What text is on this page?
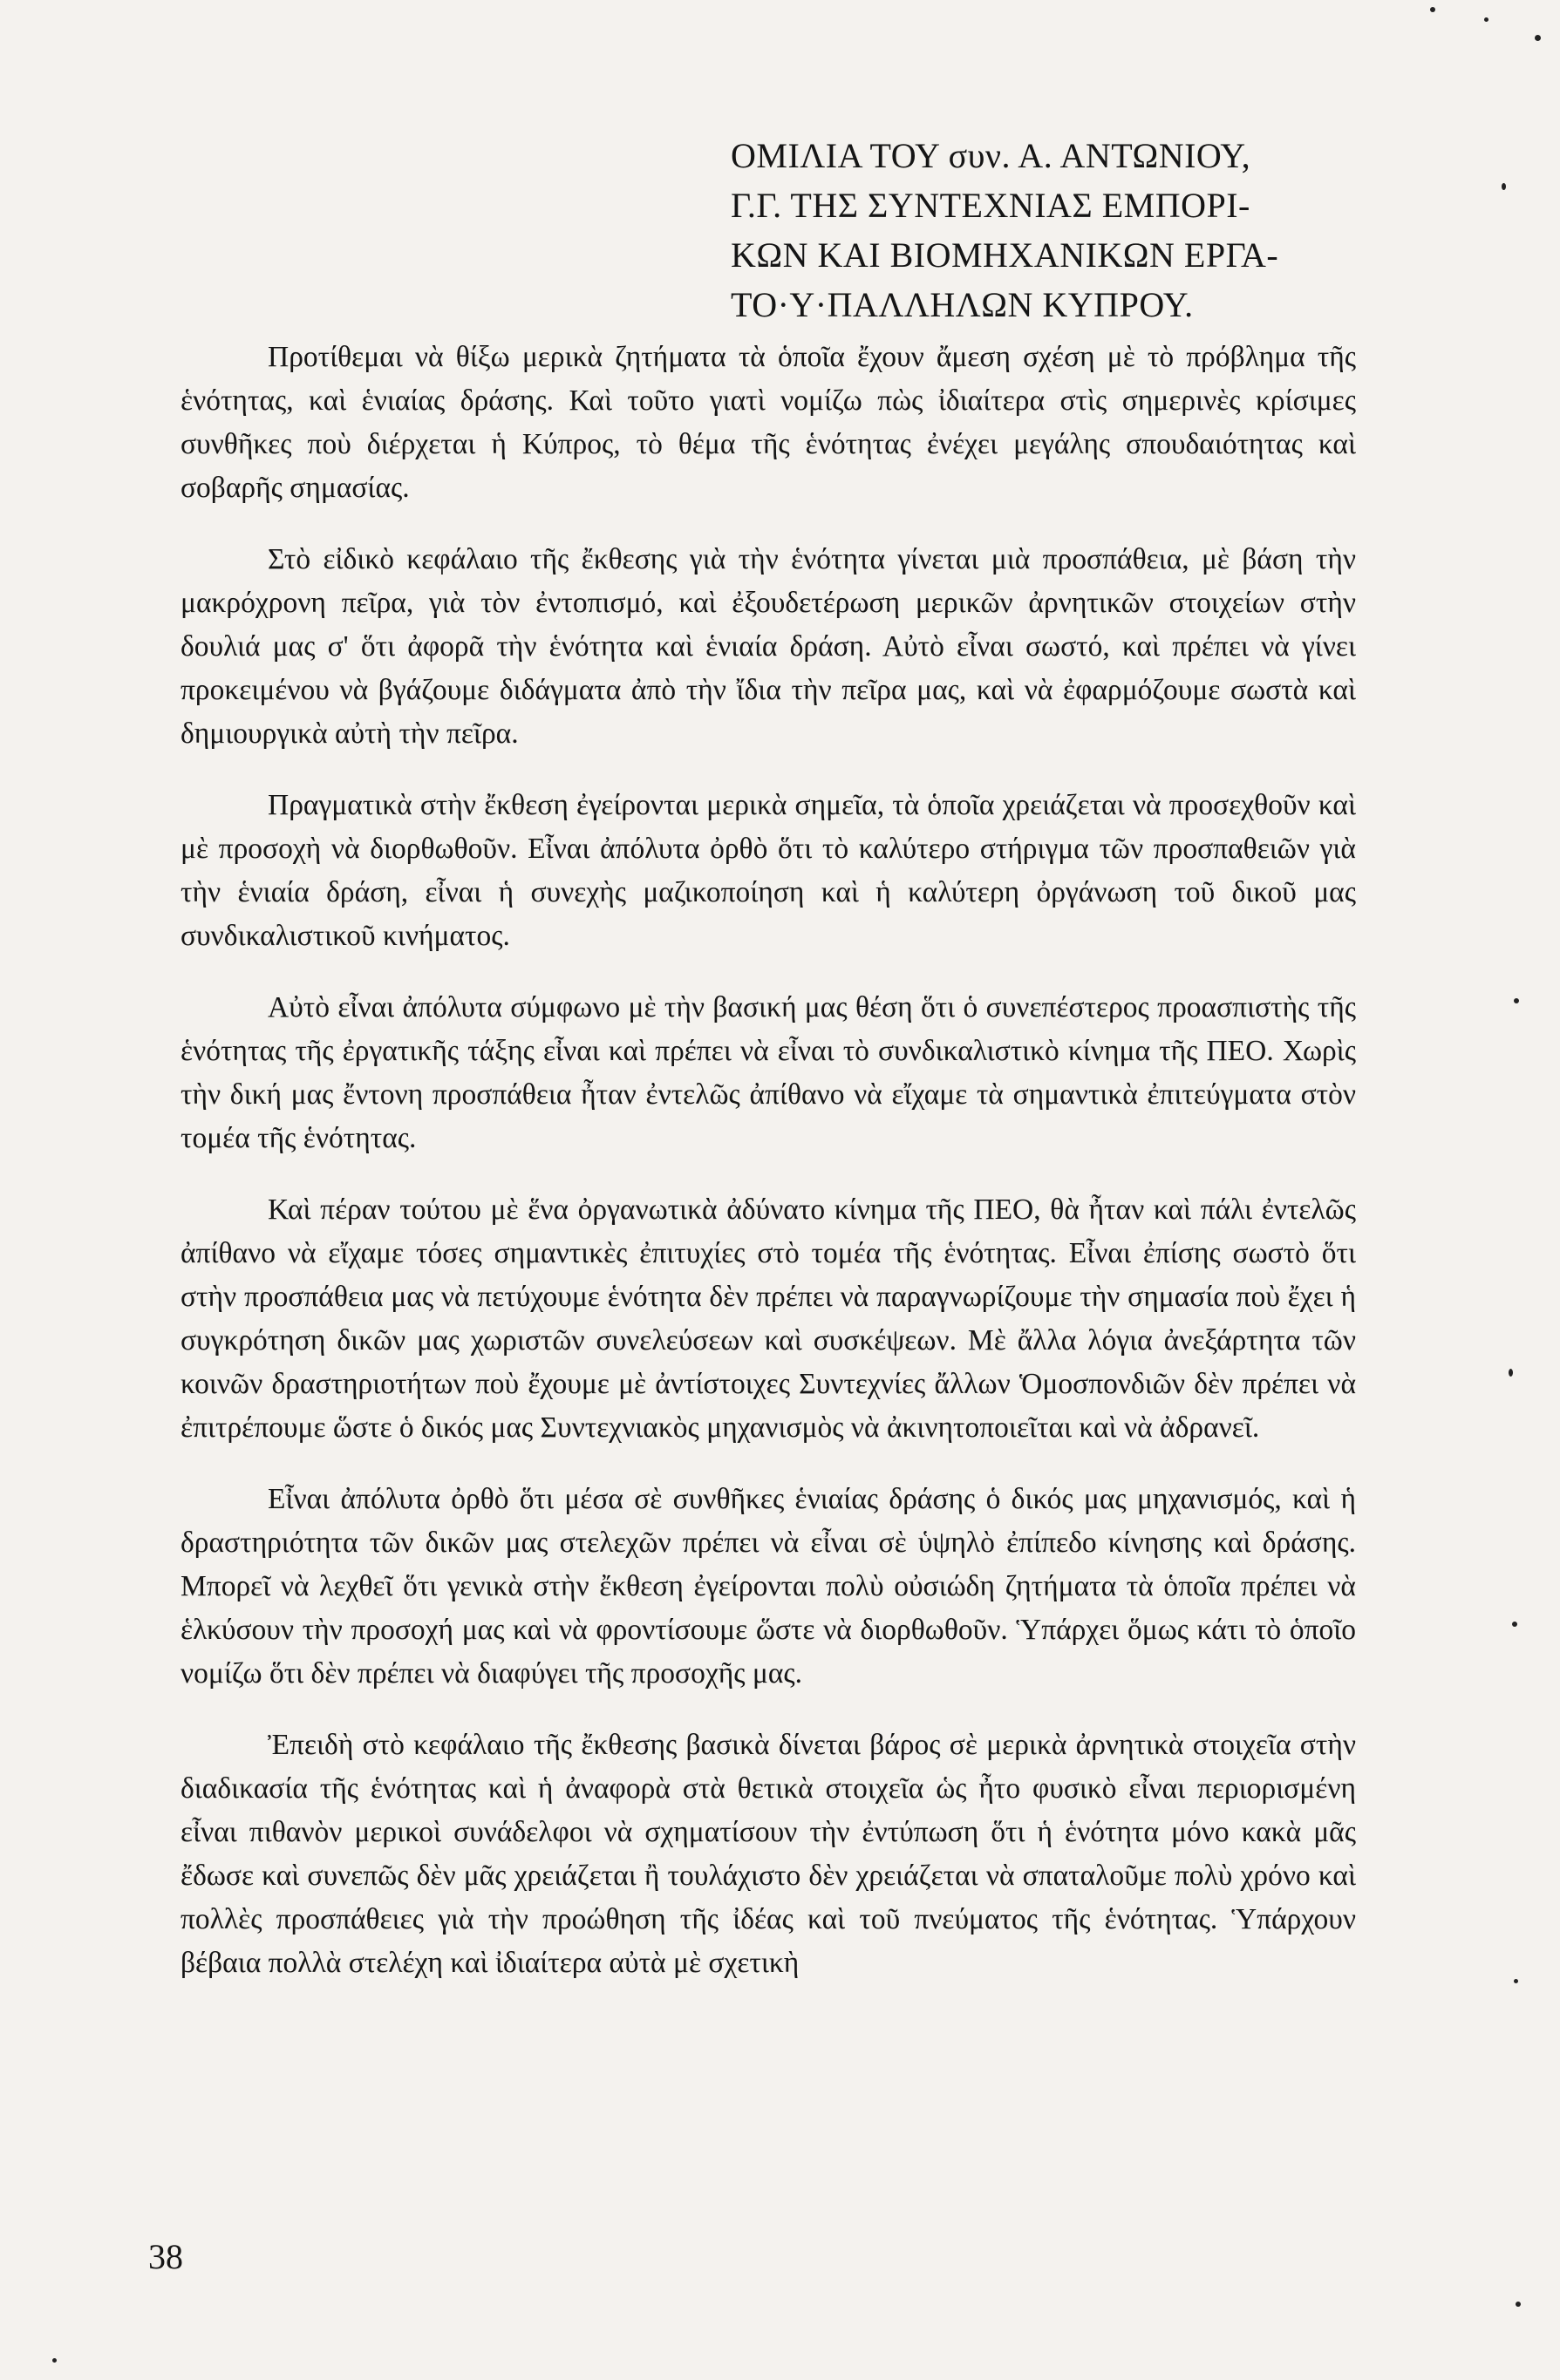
ΟΜΙΛΙΑ ΤΟΥ συν. Α. ΑΝΤΩΝΙΟΥ,
Γ.Γ. ΤΗΣ ΣΥΝΤΕΧΝΙΑΣ ΕΜΠΟΡΙ-
ΚΩΝ ΚΑΙ ΒΙΟΜΗΧΑΝΙΚΩΝ ΕΡΓΑ-
ΤΟ·Υ·ΠΑΛΛΗΛΩΝ ΚΥΠΡΟΥ.

Προτίθεμαι νὰ θίξω μερικὰ ζητήματα τὰ ὁποῖα ἔχουν ἄμεση σχέση μὲ τὸ πρόβλημα τῆς ἑνότητας, καὶ ἑνιαίας δράσης. Καὶ τοῦτο γιατὶ νομίζω πὼς ἰδιαίτερα στὶς σημερινὲς κρίσιμες συνθῆκες ποὺ διέρχεται ἡ Κύπρος, τὸ θέμα τῆς ἑνότητας ἐνέχει μεγάλης σπουδαιότητας καὶ σοβαρῆς σημασίας.

Στὸ εἰδικὸ κεφάλαιο τῆς ἔκθεσης γιὰ τὴν ἑνότητα γίνεται μιὰ προσπάθεια, μὲ βάση τὴν μακρόχρονη πεῖρα, γιὰ τὸν ἐντοπισμό, καὶ ἐξουδετέρωση μερικῶν ἀρνητικῶν στοιχείων στὴν δουλιά μας σ' ὅτι ἀφορᾶ τὴν ἑνότητα καὶ ἑνιαία δράση. Αὐτὸ εἶναι σωστό, καὶ πρέπει νὰ γίνει προκειμένου νὰ βγάζουμε διδάγματα ἀπὸ τὴν ἴδια τὴν πεῖρα μας, καὶ νὰ ἐφαρμόζουμε σωστὰ καὶ δημιουργικὰ αὐτὴ τὴν πεῖρα.

Πραγματικὰ στὴν ἔκθεση ἐγείρονται μερικὰ σημεῖα, τὰ ὁποῖα χρειάζεται νὰ προσεχθοῦν καὶ μὲ προσοχὴ νὰ διορθωθοῦν. Εἶναι ἀπόλυτα ὀρθὸ ὅτι τὸ καλύτερο στήριγμα τῶν προσπαθειῶν γιὰ τὴν ἑνιαία δράση, εἶναι ἡ συνεχὴς μαζικοποίηση καὶ ἡ καλύτερη ὀργάνωση τοῦ δικοῦ μας συνδικαλιστικοῦ κινήματος.

Αὐτὸ εἶναι ἀπόλυτα σύμφωνο μὲ τὴν βασική μας θέση ὅτι ὁ συνεπέστερος προασπιστὴς τῆς ἑνότητας τῆς ἐργατικῆς τάξης εἶναι καὶ πρέπει νὰ εἶναι τὸ συνδικαλιστικὸ κίνημα τῆς ΠΕΟ. Χωρὶς τὴν δική μας ἔντονη προσπάθεια ἦταν ἐντελῶς ἀπίθανο νὰ εἴχαμε τὰ σημαντικὰ ἐπιτεύγματα στὸν τομέα τῆς ἑνότητας.

Καὶ πέραν τούτου μὲ ἕνα ὀργανωτικὰ ἀδύνατο κίνημα τῆς ΠΕΟ, θὰ ἦταν καὶ πάλι ἐντελῶς ἀπίθανο νὰ εἴχαμε τόσες σημαντικὲς ἐπιτυχίες στὸ τομέα τῆς ἑνότητας. Εἶναι ἐπίσης σωστὸ ὅτι στὴν προσπάθεια μας νὰ πετύχουμε ἑνότητα δὲν πρέπει νὰ παραγνωρίζουμε τὴν σημασία ποὺ ἔχει ἡ συγκρότηση δικῶν μας χωριστῶν συνελεύσεων καὶ συσκέψεων. Μὲ ἄλλα λόγια ἀνεξάρτητα τῶν κοινῶν δραστηριοτήτων ποὺ ἔχουμε μὲ ἀντίστοιχες Συντεχνίες ἄλλων Ὁμοσπονδιῶν δὲν πρέπει νὰ ἐπιτρέπουμε ὥστε ὁ δικός μας Συντεχνιακὸς μηχανισμὸς νὰ ἀκινητοποιεῖται καὶ νὰ ἀδρανεῖ.

Εἶναι ἀπόλυτα ὀρθὸ ὅτι μέσα σὲ συνθῆκες ἑνιαίας δράσης ὁ δικός μας μηχανισμός, καὶ ἡ δραστηριότητα τῶν δικῶν μας στελεχῶν πρέπει νὰ εἶναι σὲ ὑψηλὸ ἐπίπεδο κίνησης καὶ δράσης. Μπορεῖ νὰ λεχθεῖ ὅτι γενικὰ στὴν ἔκθεση ἐγείρονται πολὺ οὐσιώδη ζητήματα τὰ ὁποῖα πρέπει νὰ ἑλκύσουν τὴν προσοχή μας καὶ νὰ φροντίσουμε ὥστε νὰ διορθωθοῦν. Ὑπάρχει ὅμως κάτι τὸ ὁποῖο νομίζω ὅτι δὲν πρέπει νὰ διαφύγει τῆς προσοχῆς μας.

Ἐπειδὴ στὸ κεφάλαιο τῆς ἔκθεσης βασικὰ δίνεται βάρος σὲ μερικὰ ἀρνητικὰ στοιχεῖα στὴν διαδικασία τῆς ἑνότητας καὶ ἡ ἀναφορὰ στὰ θετικὰ στοιχεῖα ὡς ἦτο φυσικὸ εἶναι περιορισμένη εἶναι πιθανὸν μερικοὶ συνάδελφοι νὰ σχηματίσουν τὴν ἐντύπωση ὅτι ἡ ἑνότητα μόνο κακὰ μᾶς ἔδωσε καὶ συνεπῶς δὲν μᾶς χρειάζεται ἢ τουλάχιστο δὲν χρειάζεται νὰ σπαταλοῦμε πολὺ χρόνο καὶ πολλὲς προσπάθειες γιὰ τὴν προώθηση τῆς ἰδέας καὶ τοῦ πνεύματος τῆς ἑνότητας. Ὑπάρχουν βέβαια πολλὰ στελέχη καὶ ἰδιαίτερα αὐτὰ μὲ σχετικὴ

38
